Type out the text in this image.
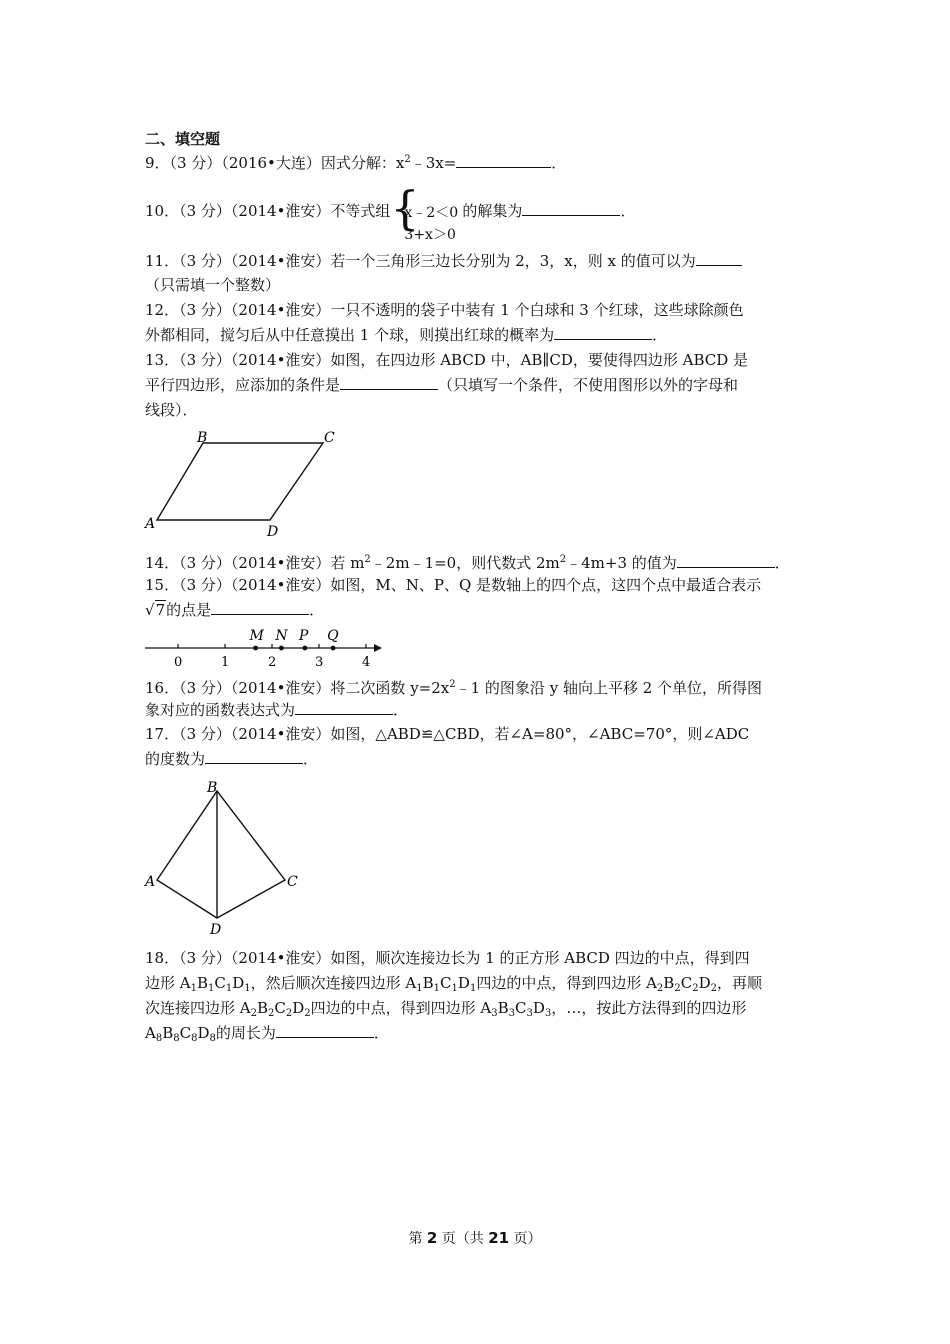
二、填空题
9．（3 分）（2016•大连）因式分解：$x^2﹣3x=$	．
10．（3 分）（2014•淮安）不等式组 {
x﹣2＜0
3+x＞0
的解集为	．
11．（3 分）（2014•淮安）若一个三角形三边长分别为 2，3，x，则 x 的值可以为
（只需填一个整数）
12．（3 分）（2014•淮安）一只不透明的袋子中装有 1 个白球和 3 个红球，这些球除颜色
外都相同，搅匀后从中任意摸出 1 个球，则摸出红球的概率为	．
13．（3 分）（2014•淮安）如图，在四边形 ABCD 中，AB∥CD，要使得四边形 ABCD 是
平行四边形，应添加的条件是	（只填写一个条件，不使用图形以外的字母和
线段）．
A
B	C
D
14．（3 分）（2014•淮安）若 $m^2﹣2m﹣1=0$，则代数式 $2m^2﹣4m+3$ 的值为	．
15．（3 分）（2014•淮安）如图，M、N、P、Q 是数轴上的四个点，这四个点中最适合表示
√7的点是	．
0	1	2	3	4
M N P Q
16．（3 分）（2014•淮安）将二次函数 $y=2x^2﹣1$ 的图象沿 y 轴向上平移 2 个单位，所得图
象对应的函数表达式为	．
17．（3 分）（2014•淮安）如图，△ABD≌△CBD，若∠A=80°，∠ABC=70°，则∠ADC
的度数为	．
A
B
C
D
18．（3 分）（2014•淮安）如图，顺次连接边长为 1 的正方形 ABCD 四边的中点，得到四
边形 $A_1B_1C_1D_1$，然后顺次连接四边形 $A_1B_1C_1D_1$四边的中点，得到四边形 $A_2B_2C_2D_2$，再顺
次连接四边形 $A_2B_2C_2D_2$四边的中点，得到四边形 $A_3B_3C_3D_3$，…，按此方法得到的四边形
$A_8B_8C_8D_8$的周长为	．
第 2 页（共 21 页）
